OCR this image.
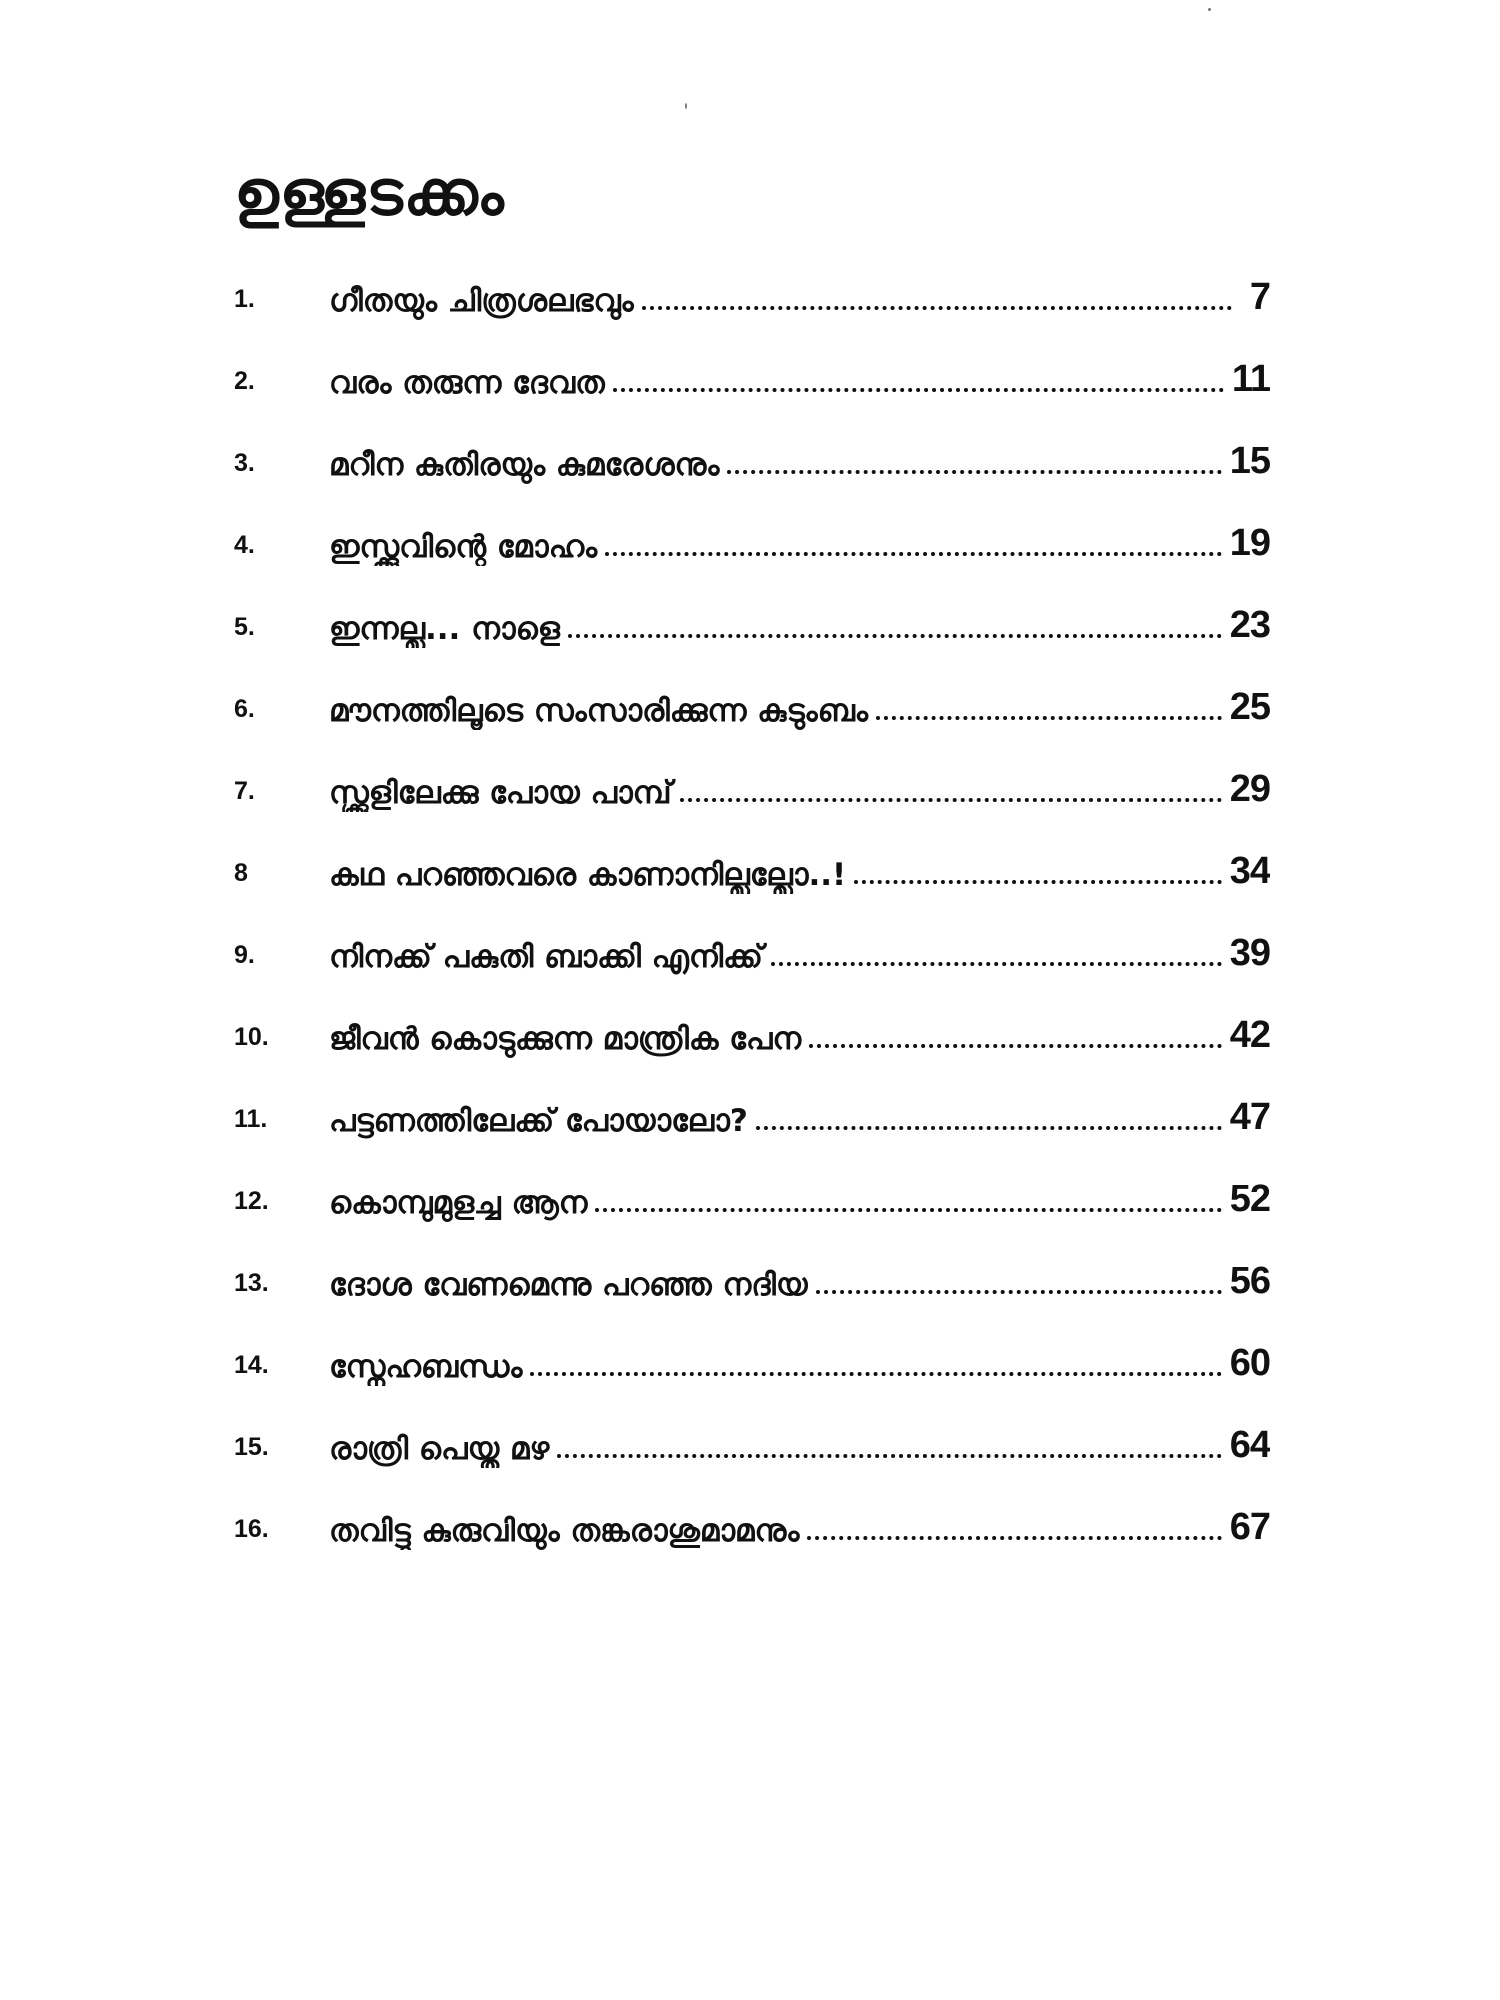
ഉള്ളടക്കം
1.	ഗീതയും ചിത്രശലഭവും	7
2.	വരം തരുന്ന ദേവത	11
3.	മറീന കുതിരയും കുമരേശനും	15
4.	ഇസ്ക്കുവിന്റെ മോഹം	19
5.	ഇന്നല്ല... നാളെ	23
6.	മൗനത്തിലൂടെ സംസാരിക്കുന്ന കുടുംബം	25
7.	സ്ക്കൂളിലേക്കു പോയ പാമ്പ്	29
8	കഥ പറഞ്ഞവരെ കാണാനില്ലല്ലോ..!	34
9.	നിനക്ക് പകുതി ബാക്കി എനിക്ക്	39
10.	ജീവൻ കൊടുക്കുന്ന മാന്ത്രിക പേന	42
11.	പട്ടണത്തിലേക്ക് പോയാലോ?	47
12.	കൊമ്പുമുളച്ച ആന	52
13.	ദോശ വേണമെന്നു പറഞ്ഞ നദിയ	56
14.	സ്നേഹബന്ധം	60
15.	രാത്രി പെയ്ത മഴ	64
16.	തവിട്ടു കുരുവിയും തങ്കരാശുമാമനും	67
